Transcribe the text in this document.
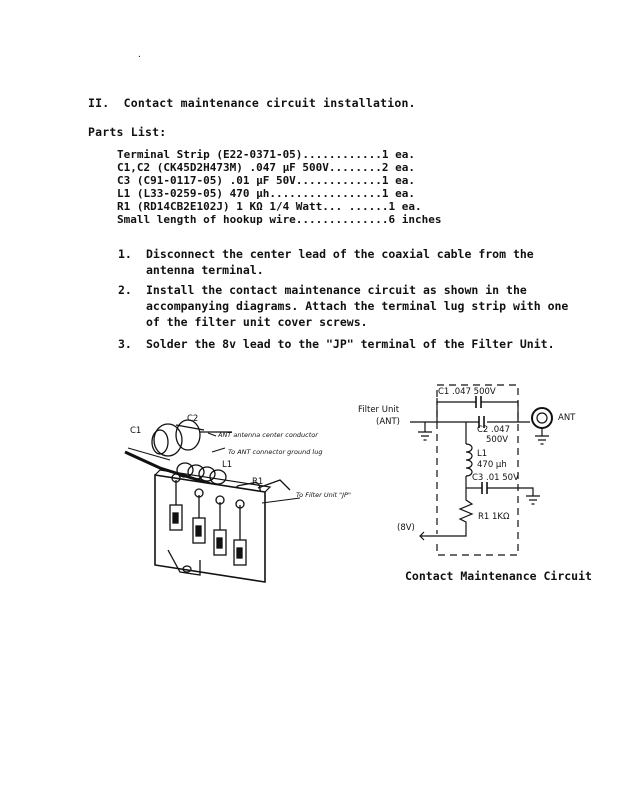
.
II.  Contact maintenance circuit installation.
Parts List:
Terminal Strip (E22-0371-05)............1 ea.
C1,C2 (CK45D2H473M) .047 µF 500V........2 ea.
C3 (C91-0117-05) .01 µF 50V.............1 ea.
L1 (L33-0259-05) 470 µh.................1 ea.
R1 (RD14CB2E102J) 1 KΩ 1/4 Watt... ......1 ea.
Small length of hookup wire..............6 inches
1. Disconnect the center lead of the coaxial cable from the antenna terminal.
2. Install the contact maintenance circuit as shown in the accompanying diagrams. Attach the terminal lug strip with one of the filter unit cover screws.
3. Solder the 8v lead to the "JP" terminal of the Filter Unit.
C1
C2
L1
R1
ANT antenna center conductor
To ANT connector ground lug
To Filter Unit "JP"
C1 .047 500V
Filter Unit
(ANT)
C2 .047
500V
L1
470 µh
C3 .01 50V
R1 1KΩ
(8V)
ANT
Contact Maintenance Circuit
